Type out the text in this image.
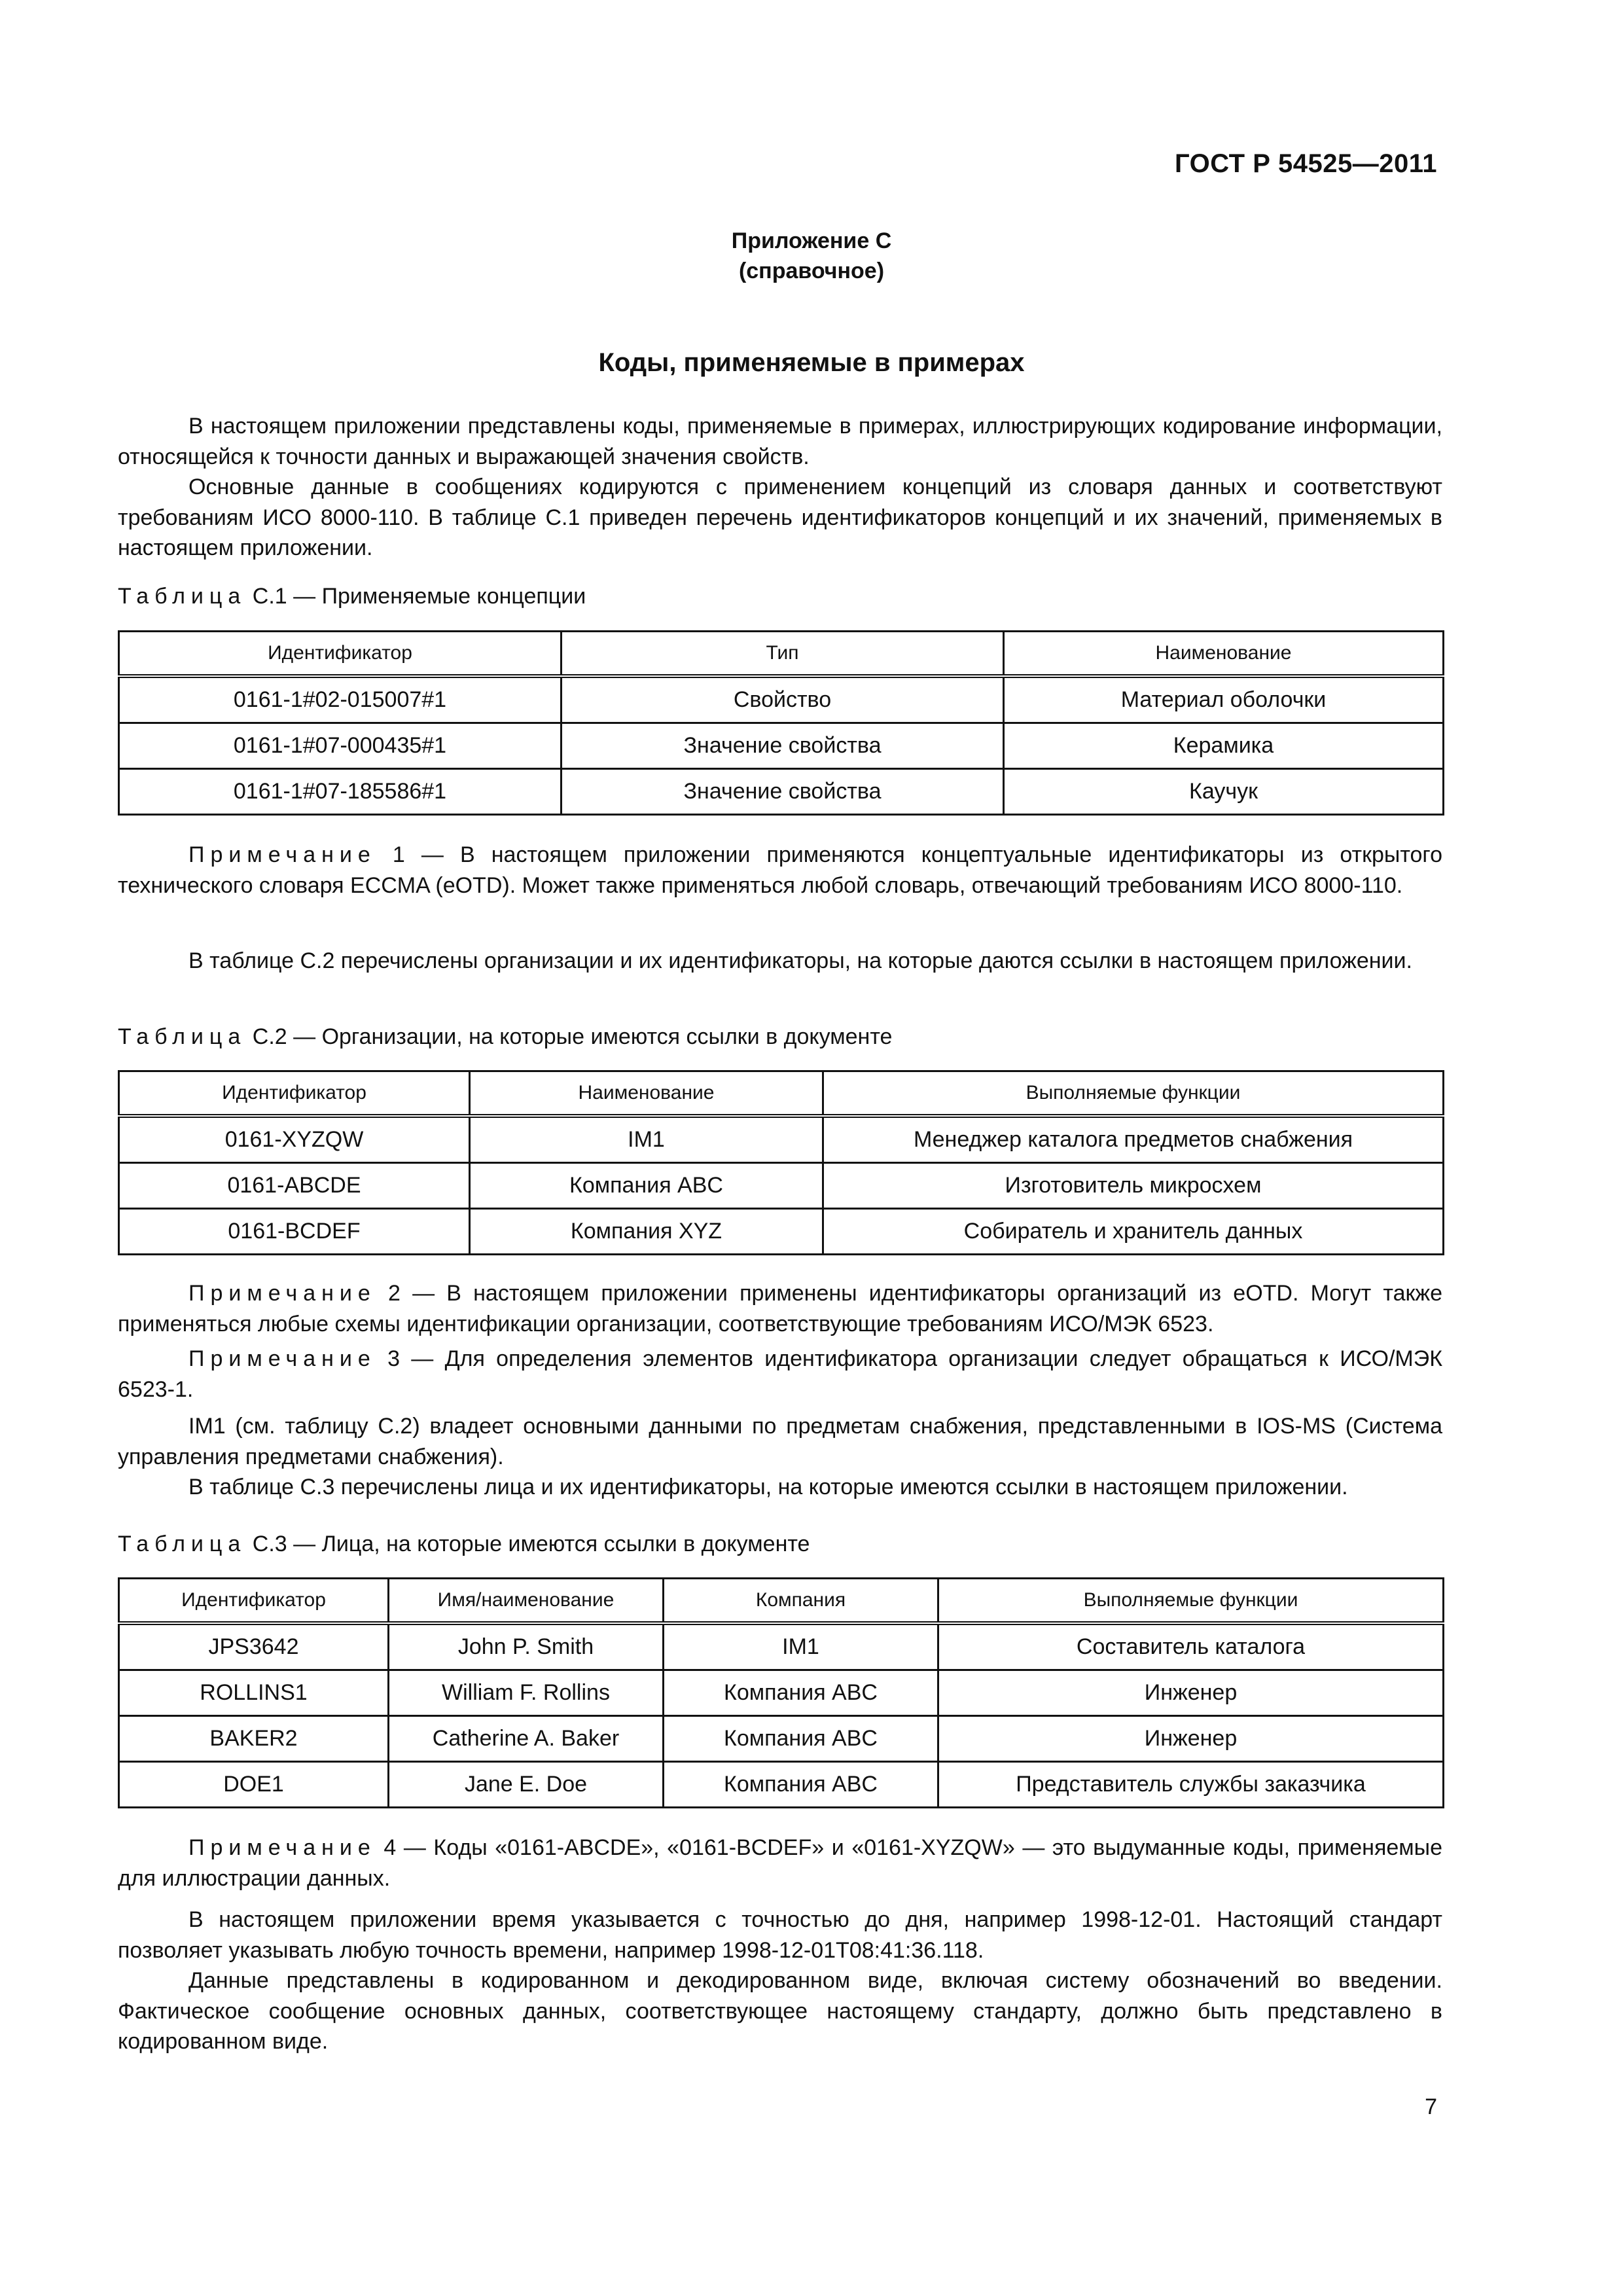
ГОСТ Р 54525—2011
Приложение С
(справочное)
Коды, применяемые в примерах

В настоящем приложении представлены коды, применяемые в примерах, иллюстрирующих кодирование информации, относящейся к точности данных и выражающей значения свойств.

Основные данные в сообщениях кодируются с применением концепций из словаря данных и соответствуют требованиям ИСО 8000-110. В таблице С.1 приведен перечень идентификаторов концепций и их значений, применяемых в настоящем приложении.

Таблица С.1 — Применяемые концепции
Идентификатор	Тип	Наименование
0161-1#02-015007#1	Свойство	Материал оболочки
0161-1#07-000435#1	Значение свойства	Керамика
0161-1#07-185586#1	Значение свойства	Каучук

Примечание 1 — В настоящем приложении применяются концептуальные идентификаторы из открытого технического словаря ECCMA (eOTD). Может также применяться любой словарь, отвечающий требованиям ИСО 8000-110.

В таблице С.2 перечислены организации и их идентификаторы, на которые даются ссылки в настоящем приложении.

Таблица С.2 — Организации, на которые имеются ссылки в документе
Идентификатор	Наименование	Выполняемые функции
0161-XYZQW	IM1	Менеджер каталога предметов снабжения
0161-ABCDE	Компания ABC	Изготовитель микросхем
0161-BCDEF	Компания XYZ	Собиратель и хранитель данных

Примечание 2 — В настоящем приложении применены идентификаторы организаций из eOTD. Могут также применяться любые схемы идентификации организации, соответствующие требованиям ИСО/МЭК 6523.

Примечание 3 — Для определения элементов идентификатора организации следует обращаться к ИСО/МЭК 6523-1.

IM1 (см. таблицу С.2) владеет основными данными по предметам снабжения, представленными в IOS-MS (Система управления предметами снабжения).

В таблице С.3 перечислены лица и их идентификаторы, на которые имеются ссылки в настоящем приложении.

Таблица С.3 — Лица, на которые имеются ссылки в документе
Идентификатор	Имя/наименование	Компания	Выполняемые функции
JPS3642	John P. Smith	IM1	Составитель каталога
ROLLINS1	William F. Rollins	Компания ABC	Инженер
BAKER2	Catherine A. Baker	Компания ABC	Инженер
DOE1	Jane E. Doe	Компания ABC	Представитель службы заказчика

Примечание 4 — Коды «0161-ABCDE», «0161-BCDEF» и «0161-XYZQW» — это выдуманные коды, применяемые для иллюстрации данных.

В настоящем приложении время указывается с точностью до дня, например 1998-12-01. Настоящий стандарт позволяет указывать любую точность времени, например 1998-12-01T08:41:36.118.

Данные представлены в кодированном и декодированном виде, включая систему обозначений во введении. Фактическое сообщение основных данных, соответствующее настоящему стандарту, должно быть представлено в кодированном виде.

7
